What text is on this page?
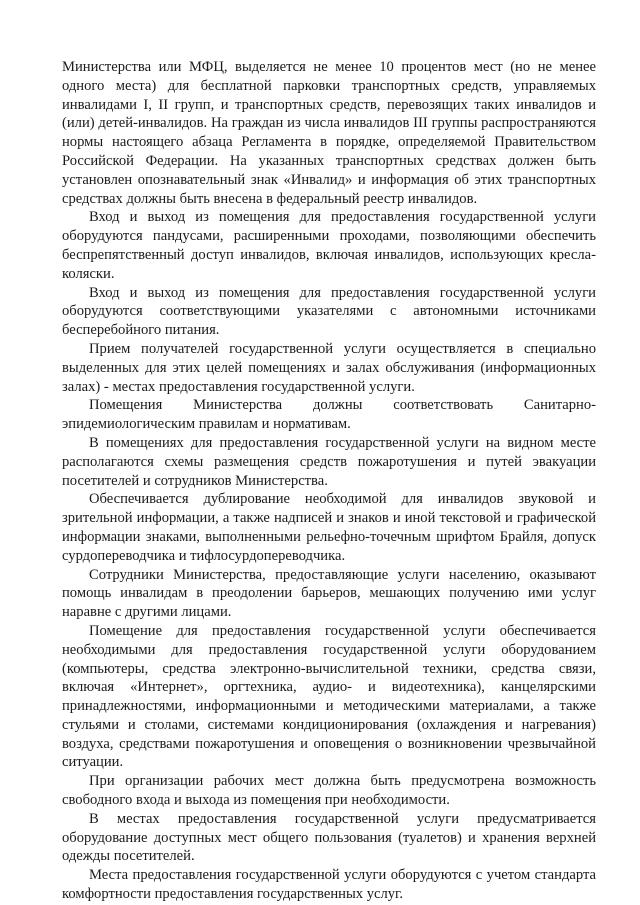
Министерства или МФЦ, выделяется не менее 10 процентов мест (но не менее одного места) для бесплатной парковки транспортных средств, управляемых инвалидами I, II групп, и транспортных средств, перевозящих таких инвалидов и (или) детей-инвалидов. На граждан из числа инвалидов III группы распространяются нормы настоящего абзаца Регламента в порядке, определяемой Правительством Российской Федерации. На указанных транспортных средствах должен быть установлен опознавательный знак «Инвалид» и информация об этих транспортных средствах должны быть внесена в федеральный реестр инвалидов.

Вход и выход из помещения для предоставления государственной услуги оборудуются пандусами, расширенными проходами, позволяющими обеспечить беспрепятственный доступ инвалидов, включая инвалидов, использующих кресла-коляски.

Вход и выход из помещения для предоставления государственной услуги оборудуются соответствующими указателями с автономными источниками бесперебойного питания.

Прием получателей государственной услуги осуществляется в специально выделенных для этих целей помещениях и залах обслуживания (информационных залах) - местах предоставления государственной услуги.

Помещения Министерства должны соответствовать Санитарно-эпидемиологическим правилам и нормативам.

В помещениях для предоставления государственной услуги на видном месте располагаются схемы размещения средств пожаротушения и путей эвакуации посетителей и сотрудников Министерства.

Обеспечивается дублирование необходимой для инвалидов звуковой и зрительной информации, а также надписей и знаков и иной текстовой и графической информации знаками, выполненными рельефно-точечным шрифтом Брайля, допуск сурдопереводчика и тифлосурдопереводчика.

Сотрудники Министерства, предоставляющие услуги населению, оказывают помощь инвалидам в преодолении барьеров, мешающих получению ими услуг наравне с другими лицами.

Помещение для предоставления государственной услуги обеспечивается необходимыми для предоставления государственной услуги оборудованием (компьютеры, средства электронно-вычислительной техники, средства связи, включая «Интернет», оргтехника, аудио- и видеотехника), канцелярскими принадлежностями, информационными и методическими материалами, а также стульями и столами, системами кондиционирования (охлаждения и нагревания) воздуха, средствами пожаротушения и оповещения о возникновении чрезвычайной ситуации.

При организации рабочих мест должна быть предусмотрена возможность свободного входа и выхода из помещения при необходимости.

В местах предоставления государственной услуги предусматривается оборудование доступных мест общего пользования (туалетов) и хранения верхней одежды посетителей.

Места предоставления государственной услуги оборудуются с учетом стандарта комфортности предоставления государственных услуг.
